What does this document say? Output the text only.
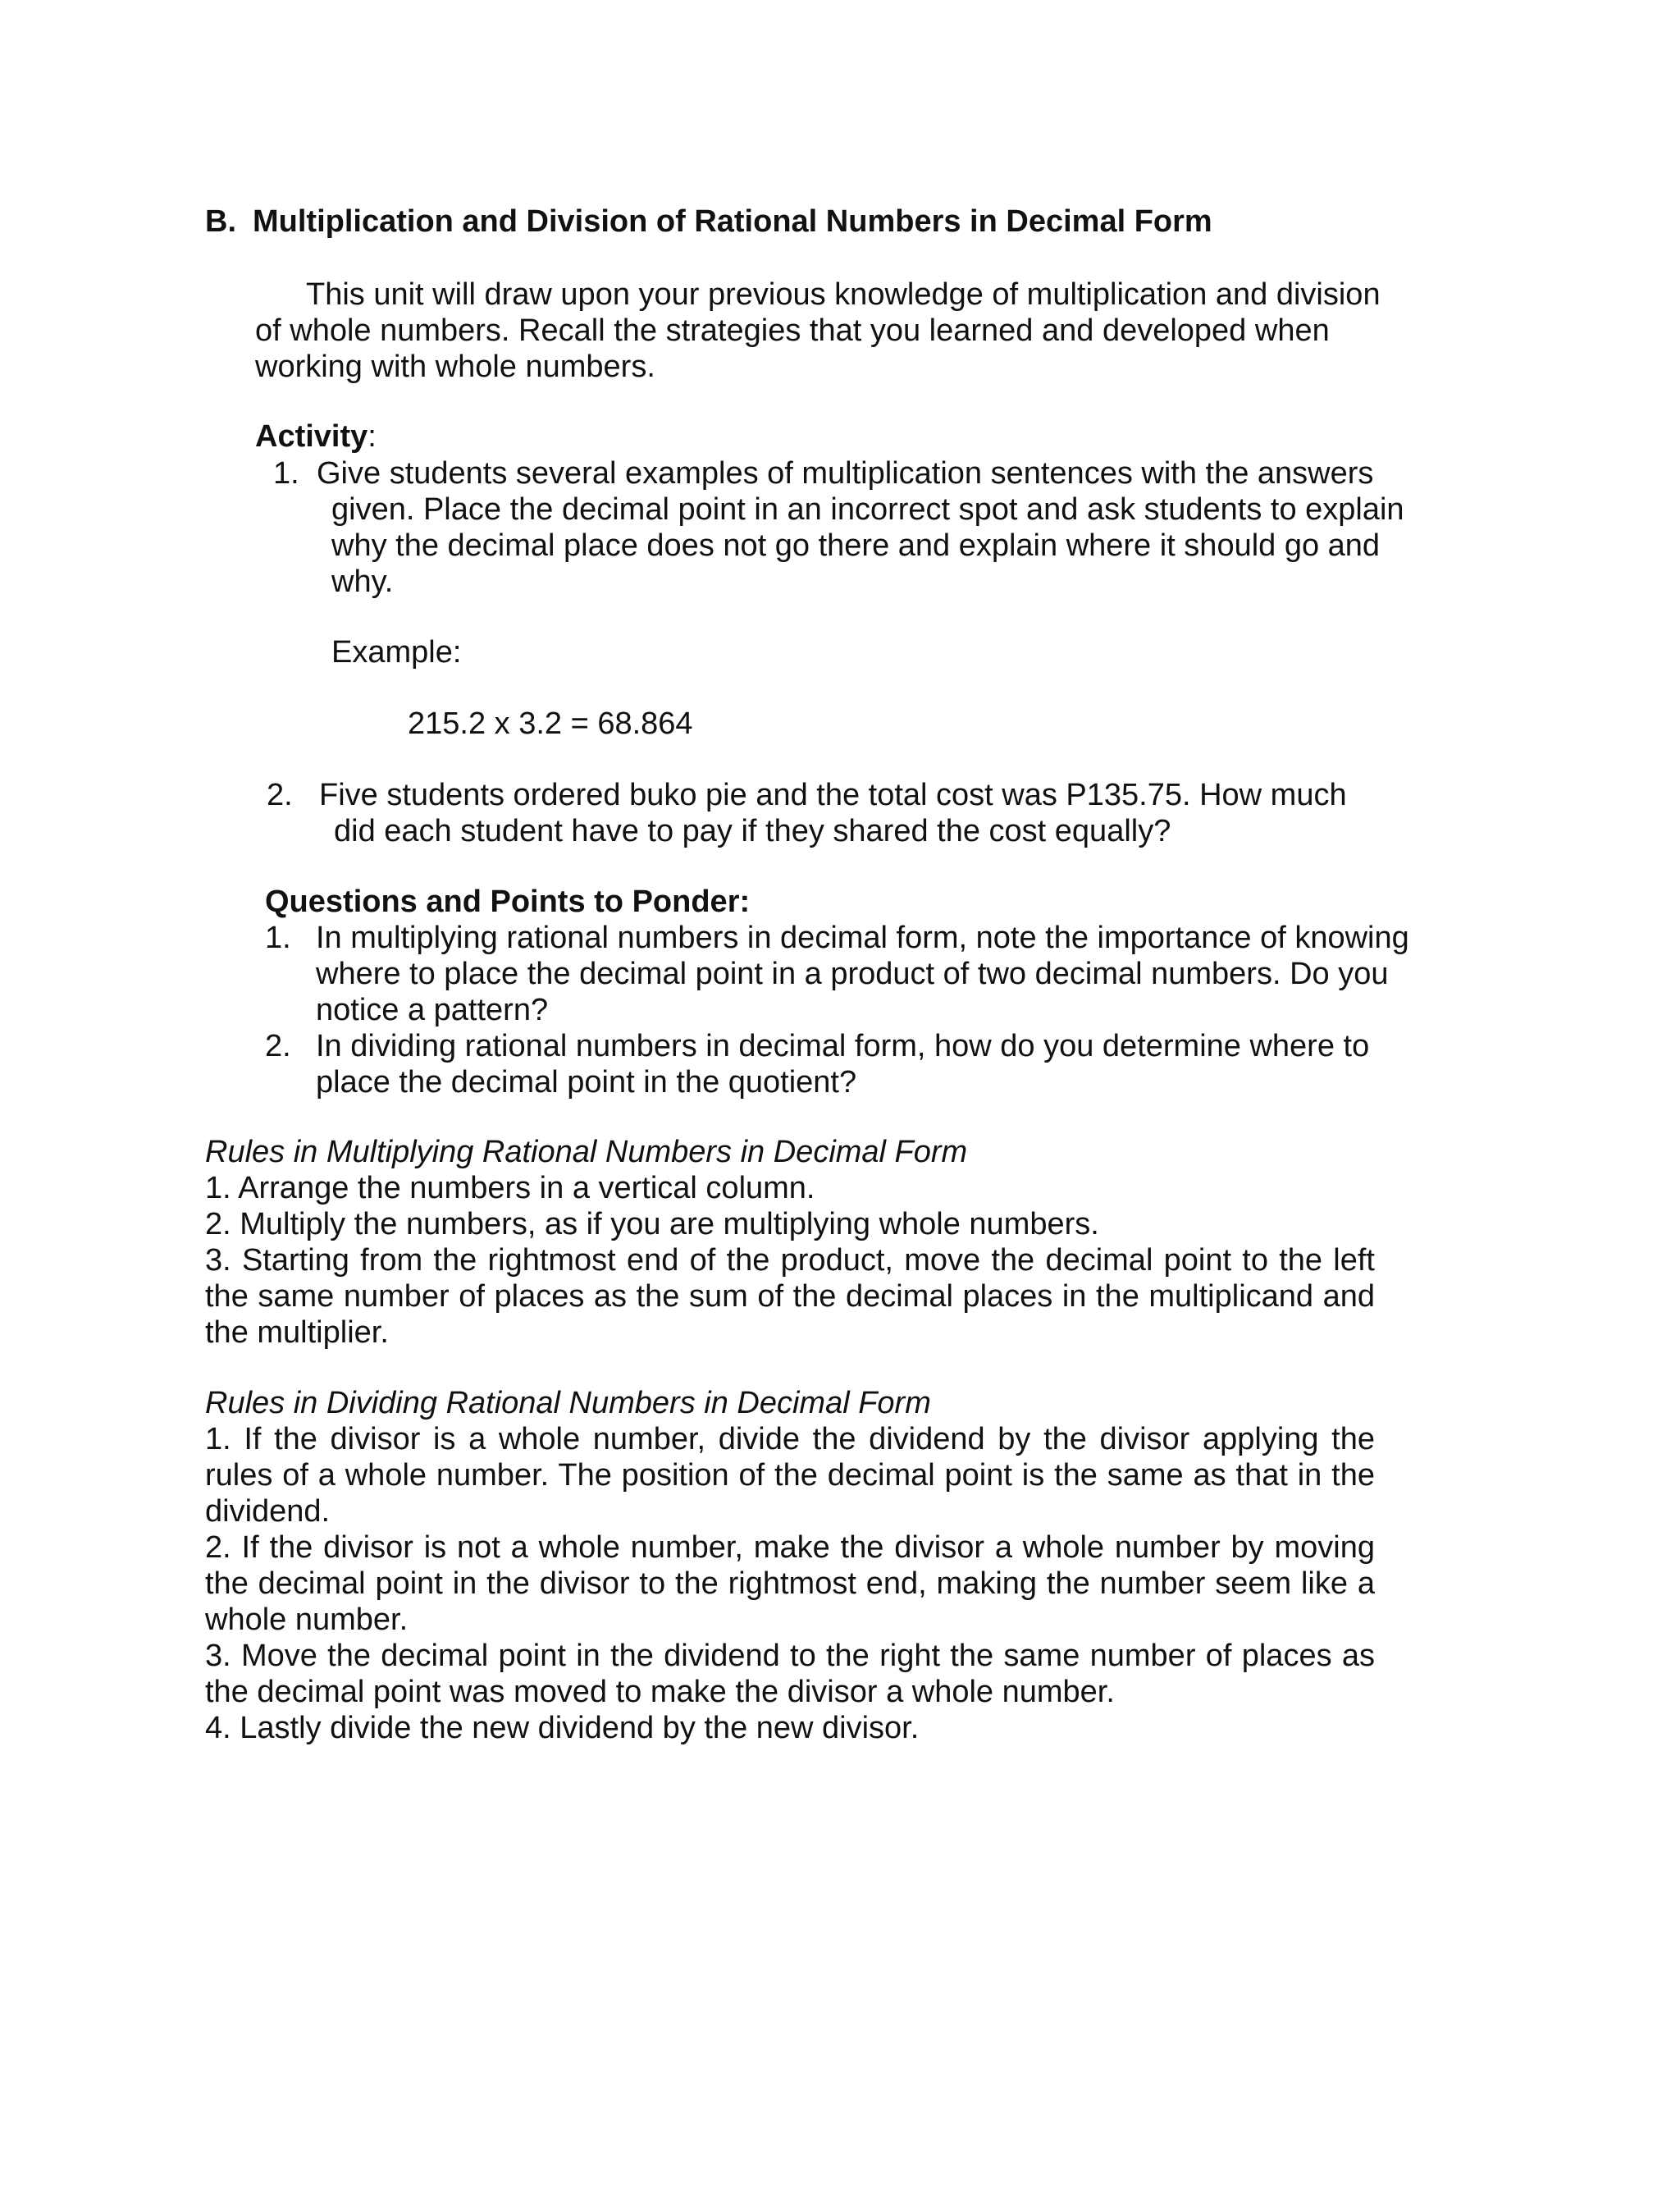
B. Multiplication and Division of Rational Numbers in Decimal Form

This unit will draw upon your previous knowledge of multiplication and division of whole numbers. Recall the strategies that you learned and developed when working with whole numbers.

Activity:
1. Give students several examples of multiplication sentences with the answers given. Place the decimal point in an incorrect spot and ask students to explain why the decimal place does not go there and explain where it should go and why.
Example:
215.2 x 3.2 = 68.864
2. Five students ordered buko pie and the total cost was P135.75. How much did each student have to pay if they shared the cost equally?
Questions and Points to Ponder:
1. In multiplying rational numbers in decimal form, note the importance of knowing where to place the decimal point in a product of two decimal numbers. Do you notice a pattern?
2. In dividing rational numbers in decimal form, how do you determine where to place the decimal point in the quotient?
Rules in Multiplying Rational Numbers in Decimal Form

1. Arrange the numbers in a vertical column.

2. Multiply the numbers, as if you are multiplying whole numbers.

3. Starting from the rightmost end of the product, move the decimal point to the left the same number of places as the sum of the decimal places in the multiplicand and the multiplier.

Rules in Dividing Rational Numbers in Decimal Form

1. If the divisor is a whole number, divide the dividend by the divisor applying the rules of a whole number. The position of the decimal point is the same as that in the dividend.

2. If the divisor is not a whole number, make the divisor a whole number by moving the decimal point in the divisor to the rightmost end, making the number seem like a whole number.

3. Move the decimal point in the dividend to the right the same number of places as the decimal point was moved to make the divisor a whole number.

4. Lastly divide the new dividend by the new divisor.
